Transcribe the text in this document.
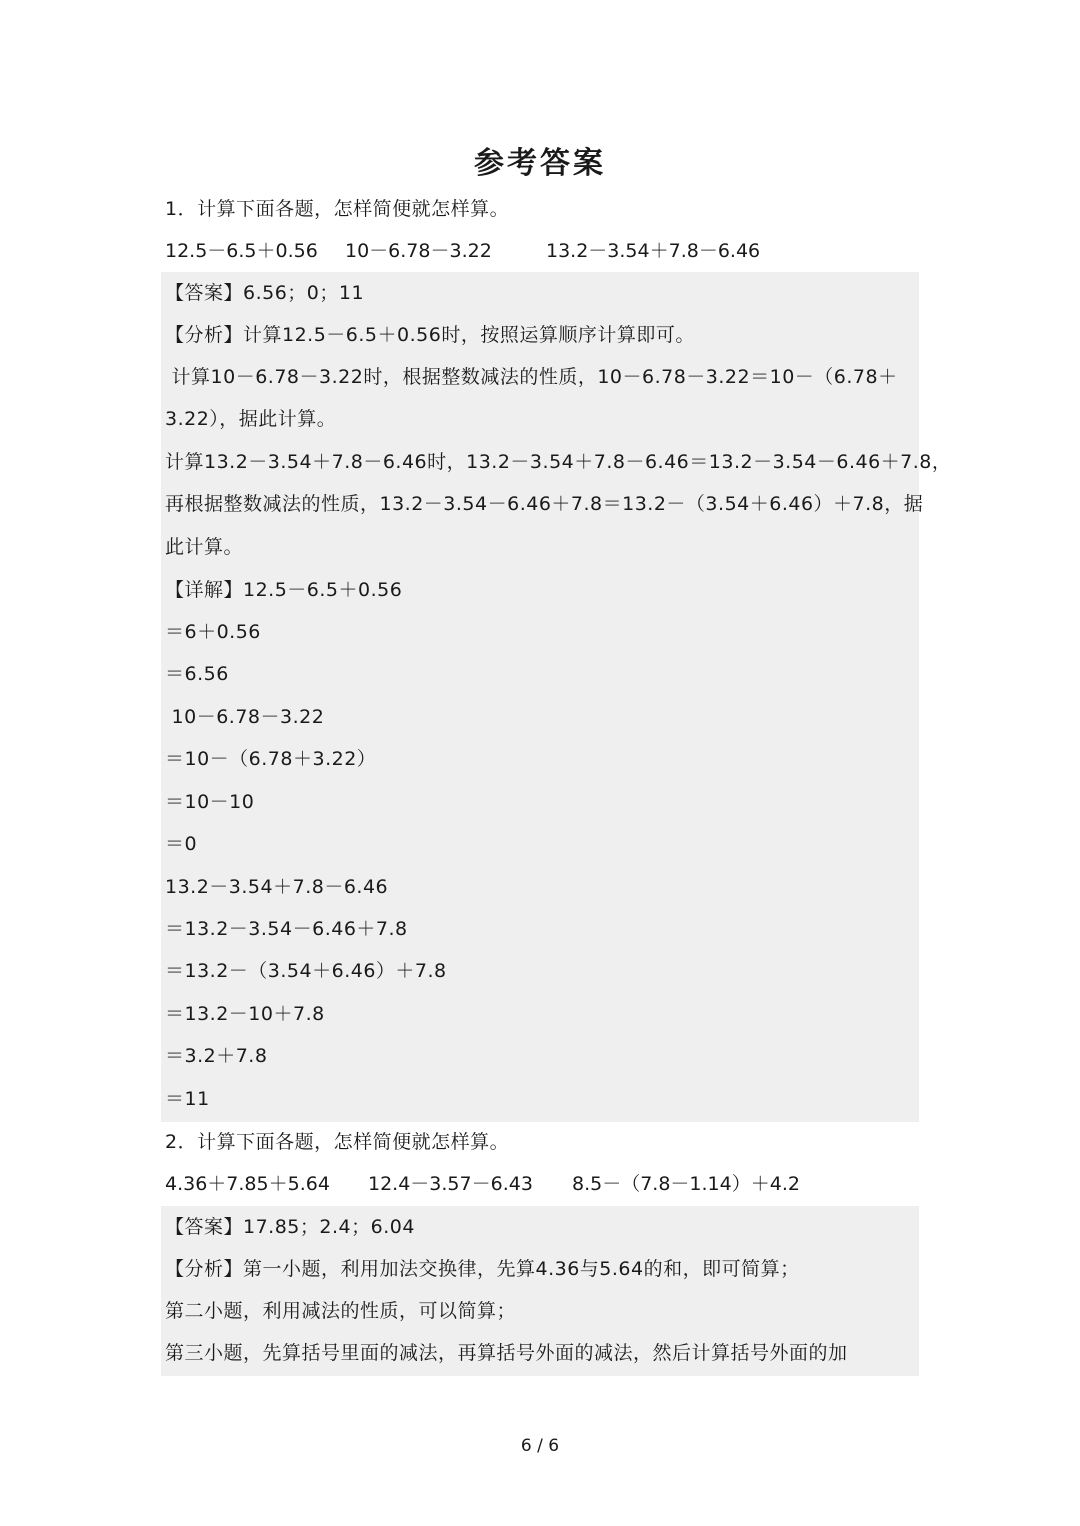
参考答案
1．计算下面各题，怎样简便就怎样算。
12.5－6.5＋0.56 10－6.78－3.22	13.2－3.54＋7.8－6.46
【答案】6.56；0；11
【分析】计算12.5－6.5＋0.56时，按照运算顺序计算即可。
计算10－6.78－3.22时，根据整数减法的性质，10－6.78－3.22＝10－（6.78＋
3.22），据此计算。
计算13.2－3.54＋7.8－6.46时，13.2－3.54＋7.8－6.46＝13.2－3.54－6.46＋7.8，
再根据整数减法的性质，13.2－3.54－6.46＋7.8＝13.2－（3.54＋6.46）＋7.8，据
此计算。
【详解】12.5－6.5＋0.56
＝6＋0.56
＝6.56
10－6.78－3.22
＝10－（6.78＋3.22）
＝10－10
＝0
13.2－3.54＋7.8－6.46
＝13.2－3.54－6.46＋7.8
＝13.2－（3.54＋6.46）＋7.8
＝13.2－10＋7.8
＝3.2＋7.8
＝11
2．计算下面各题，怎样简便就怎样算。
4.36＋7.85＋5.64 12.4－3.57－6.43 8.5－（7.8－1.14）＋4.2
【答案】17.85；2.4；6.04
【分析】第一小题，利用加法交换律，先算4.36与5.64的和，即可简算；
第二小题，利用减法的性质，可以简算；
第三小题，先算括号里面的减法，再算括号外面的减法，然后计算括号外面的加
6 / 6
